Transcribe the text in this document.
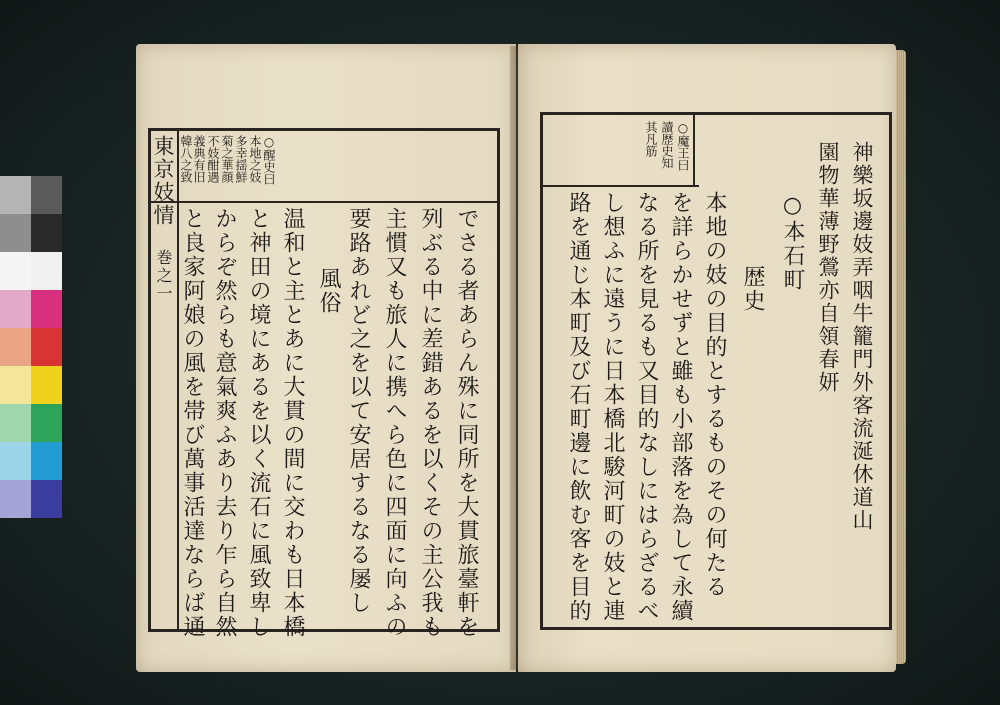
東京妓情
巻之一
○醒史曰
本地之妓
多幸揺鮮
菊之華顔
不妓酣遇
義典有旧
韓八之致
でさる者あらん殊に同所を大貫旅臺軒を
列ぶる中に差錯あるを以くその主公我も
主慣又も旅人に携へら色に四面に向ふの
要路あれど之を以て安居するなる屡し
風俗
温和と主とあに大貫の間に交わも日本橋
と神田の境にあるを以く流石に風致卑し
からぞ然らも意氣爽ふあり去り乍ら自然
と良家阿娘の風を帯び萬事活達ならば通
○魔王曰
讀歴史知
其凡筋
神樂坂邊妓弄咽牛籠門外客流涎休道山
園物華薄野鶯亦自領春妍
○本石町
歴史
本地の妓の目的とするものその何たる
を詳らかせずと雖も小部落を為して永續
なる所を見るも又目的なしにはらざるべ
し想ふに遠うに日本橋北駿河町の妓と連
路を通じ本町及び石町邊に飲む客を目的
